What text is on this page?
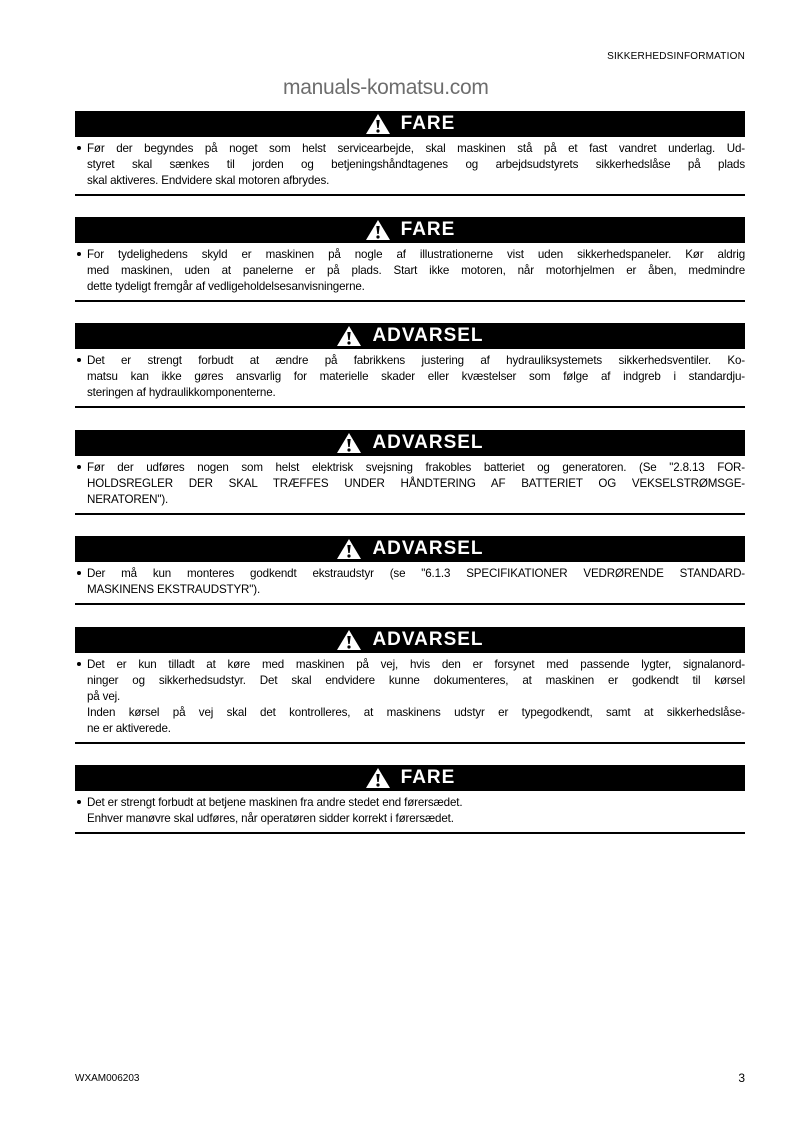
SIKKERHEDSINFORMATION
manuals-komatsu.com
FARE
Før der begyndes på noget som helst servicearbejde, skal maskinen stå på et fast vandret underlag. Ud-
styret skal sænkes til jorden og betjeningshåndtagenes og arbejdsudstyrets sikkerhedslåse på plads
skal aktiveres. Endvidere skal motoren afbrydes.
FARE
For tydelighedens skyld er maskinen på nogle af illustrationerne vist uden sikkerhedspaneler. Kør aldrig
med maskinen, uden at panelerne er på plads. Start ikke motoren, når motorhjelmen er åben, medmindre
dette tydeligt fremgår af vedligeholdelsesanvisningerne.
ADVARSEL
Det er strengt forbudt at ændre på fabrikkens justering af hydrauliksystemets sikkerhedsventiler. Ko-
matsu kan ikke gøres ansvarlig for materielle skader eller kvæstelser som følge af indgreb i standardju-
steringen af hydraulikkomponenterne.
ADVARSEL
Før der udføres nogen som helst elektrisk svejsning frakobles batteriet og generatoren. (Se "2.8.13 FOR-
HOLDSREGLER DER SKAL TRÆFFES UNDER HÅNDTERING AF BATTERIET OG VEKSELSTRØMSGE-
NERATOREN").
ADVARSEL
Der må kun monteres godkendt ekstraudstyr (se "6.1.3 SPECIFIKATIONER VEDRØRENDE STANDARD-
MASKINENS EKSTRAUDSTYR").
ADVARSEL
Det er kun tilladt at køre med maskinen på vej, hvis den er forsynet med passende lygter, signalanord-
ninger og sikkerhedsudstyr. Det skal endvidere kunne dokumenteres, at maskinen er godkendt til kørsel
på vej.
Inden kørsel på vej skal det kontrolleres, at maskinens udstyr er typegodkendt, samt at sikkerhedslåse-
ne er aktiverede.
FARE
Det er strengt forbudt at betjene maskinen fra andre stedet end førersædet.
Enhver manøvre skal udføres, når operatøren sidder korrekt i førersædet.
WXAM006203	3
